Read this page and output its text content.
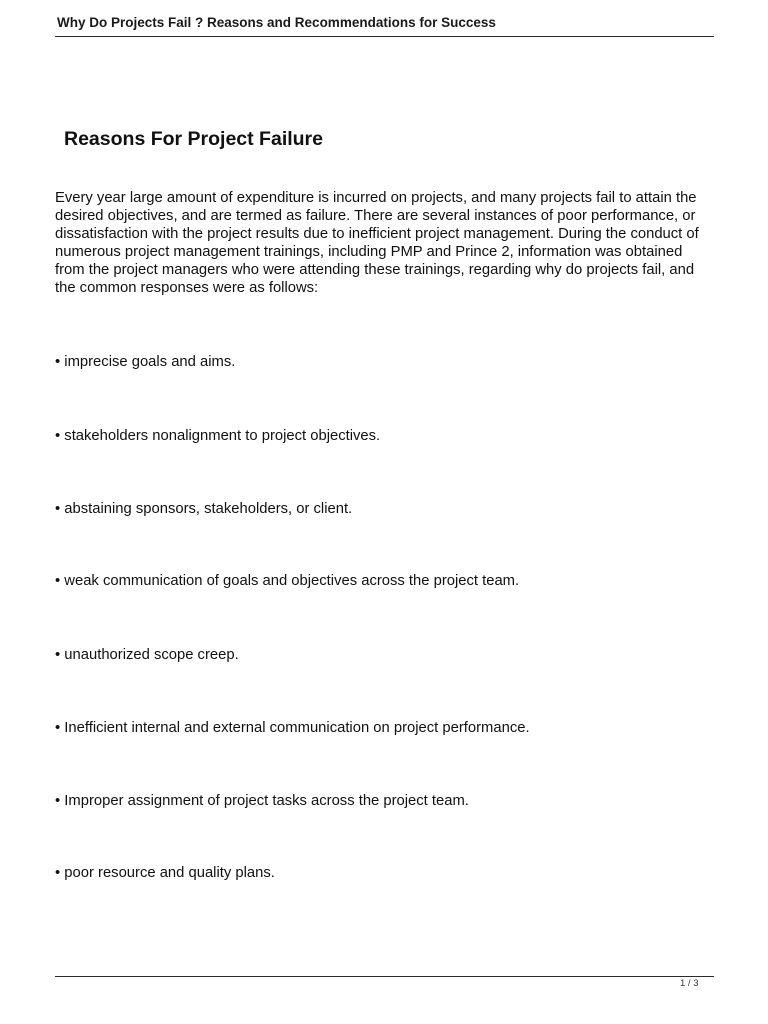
Why Do Projects Fail ? Reasons and Recommendations for Success
Reasons For Project Failure

Every year large amount of expenditure is incurred on projects, and many projects fail to attain the desired objectives, and are termed as failure. There are several instances of poor performance, or dissatisfaction with the project results due to inefficient project management. During the conduct of numerous project management trainings, including PMP and Prince 2, information was obtained from the project managers who were attending these trainings, regarding why do projects fail, and the common responses were as follows:

• imprecise goals and aims.

• stakeholders nonalignment to project objectives.

• abstaining sponsors, stakeholders, or client.

• weak communication of goals and objectives across the project team.

• unauthorized scope creep.

• Inefficient internal and external communication on project performance.

• Improper assignment of project tasks across the project team.

• poor resource and quality plans.

1 / 3
